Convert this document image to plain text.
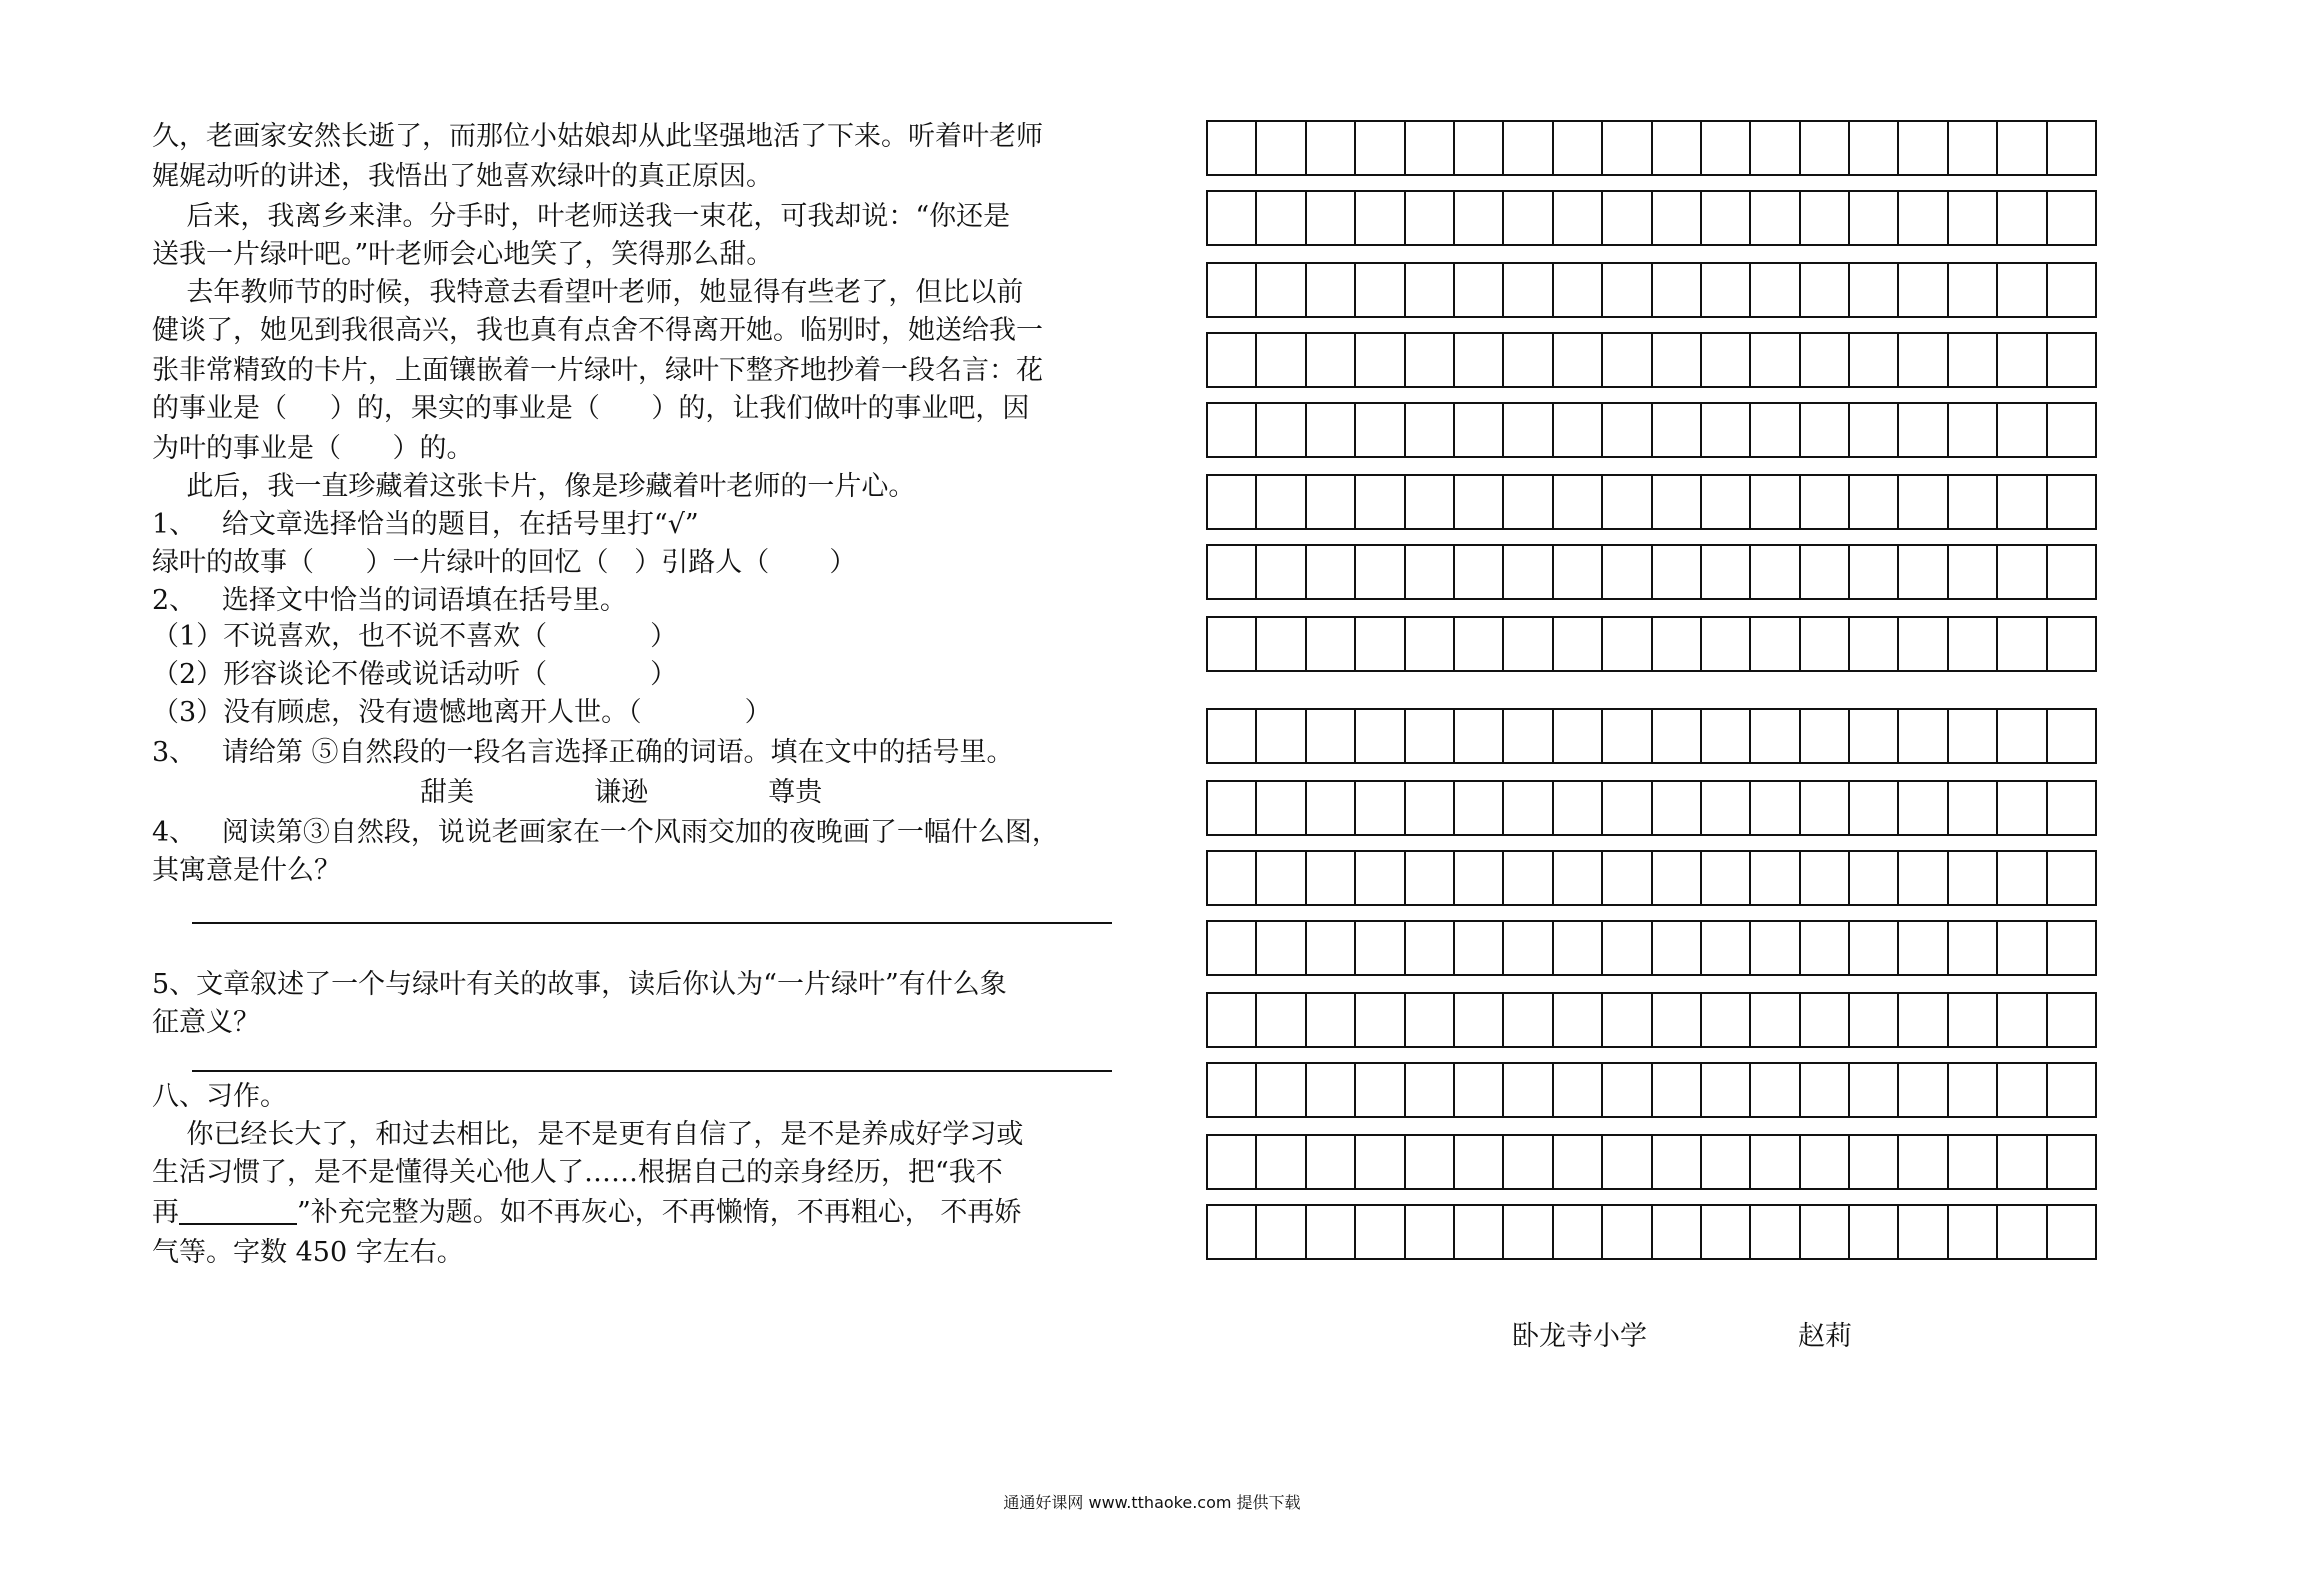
久，老画家安然长逝了，而那位小姑娘却从此坚强地活了下来。听着叶老师
娓娓动听的讲述，我悟出了她喜欢绿叶的真正原因。
后来，我离乡来津。分手时，叶老师送我一束花，可我却说：“你还是
送我一片绿叶吧。”叶老师会心地笑了，笑得那么甜。
去年教师节的时候，我特意去看望叶老师，她显得有些老了，但比以前
健谈了，她见到我很高兴，我也真有点舍不得离开她。临别时，她送给我一
张非常精致的卡片，上面镶嵌着一片绿叶，绿叶下整齐地抄着一段名言：花
的事业是（     ）的，果实的事业是（      ）的，让我们做叶的事业吧，因
为叶的事业是（      ）的。
此后，我一直珍藏着这张卡片，像是珍藏着叶老师的一片心。
1、   给文章选择恰当的题目，在括号里打“√”
绿叶的故事（      ）一片绿叶的回忆（   ）引路人（       ）
2、   选择文中恰当的词语填在括号里。
（1）不说喜欢，也不说不喜欢（            ）
（2）形容谈论不倦或说话动听（            ）
（3）没有顾虑，没有遗憾地离开人世。（            ）
3、   请给第 ⑤自然段的一段名言选择正确的词语。填在文中的括号里。
甜美              谦逊              尊贵
4、   阅读第③自然段，说说老画家在一个风雨交加的夜晚画了一幅什么图，
其寓意是什么？
5、文章叙述了一个与绿叶有关的故事，读后你认为“一片绿叶”有什么象
征意义？
八、习作。
你已经长大了，和过去相比，是不是更有自信了，是不是养成好学习或
生活习惯了，是不是懂得关心他人了……根据自己的亲身经历，把“我不
再	”补充完整为题。如不再灰心，不再懒惰，不再粗心， 不再娇
气等。字数 450 字左右。
卧龙寺小学	赵莉
通通好课网 www.tthaoke.com 提供下载
